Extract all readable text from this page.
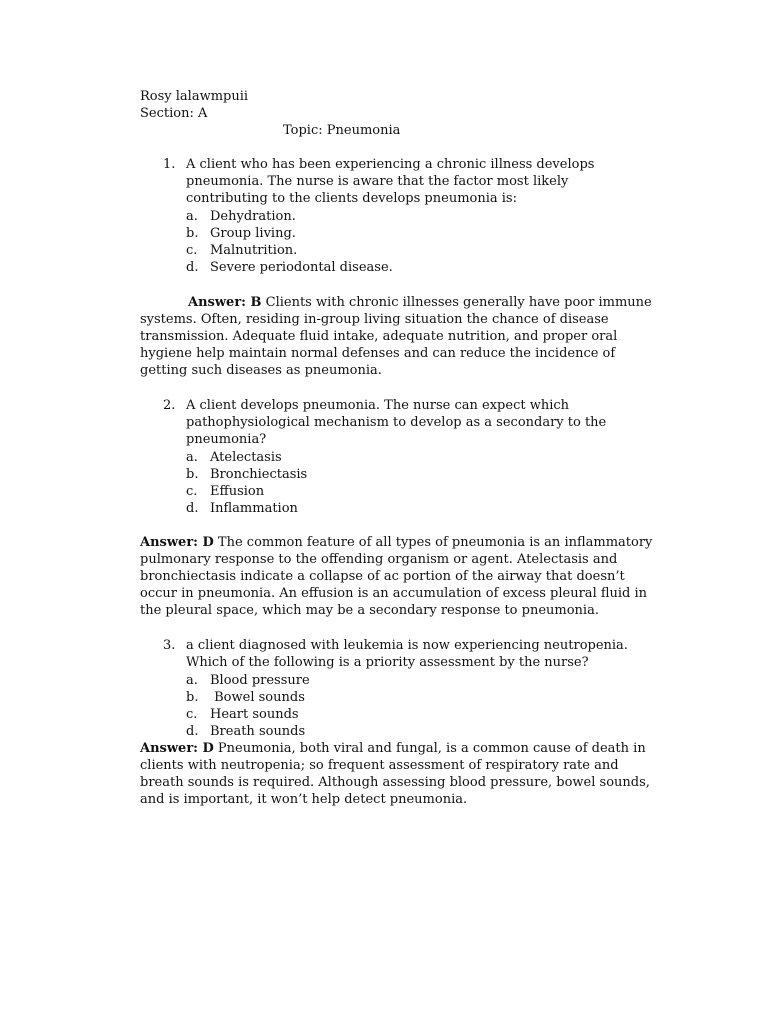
Rosy lalawmpuii
Section: A
Topic: Pneumonia
1. A client who has been experiencing a chronic illness develops pneumonia. The nurse is aware that the factor most likely contributing to the clients develops pneumonia is:
a. Dehydration.
b. Group living.
c. Malnutrition.
d. Severe periodontal disease.
Answer: B Clients with chronic illnesses generally have poor immune systems. Often, residing in-group living situation the chance of disease transmission. Adequate fluid intake, adequate nutrition, and proper oral hygiene help maintain normal defenses and can reduce the incidence of getting such diseases as pneumonia.
2. A client develops pneumonia. The nurse can expect which pathophysiological mechanism to develop as a secondary to the pneumonia?
a. Atelectasis
b. Bronchiectasis
c. Effusion
d. Inflammation
Answer: D The common feature of all types of pneumonia is an inflammatory pulmonary response to the offending organism or agent. Atelectasis and bronchiectasis indicate a collapse of ac portion of the airway that doesn’t occur in pneumonia. An effusion is an accumulation of excess pleural fluid in the pleural space, which may be a secondary response to pneumonia.
3. a client diagnosed with leukemia is now experiencing neutropenia. Which of the following is a priority assessment by the nurse?
a. Blood pressure
b. Bowel sounds
c. Heart sounds
d. Breath sounds
Answer: D Pneumonia, both viral and fungal, is a common cause of death in clients with neutropenia; so frequent assessment of respiratory rate and breath sounds is required. Although assessing blood pressure, bowel sounds, and is important, it won’t help detect pneumonia.
